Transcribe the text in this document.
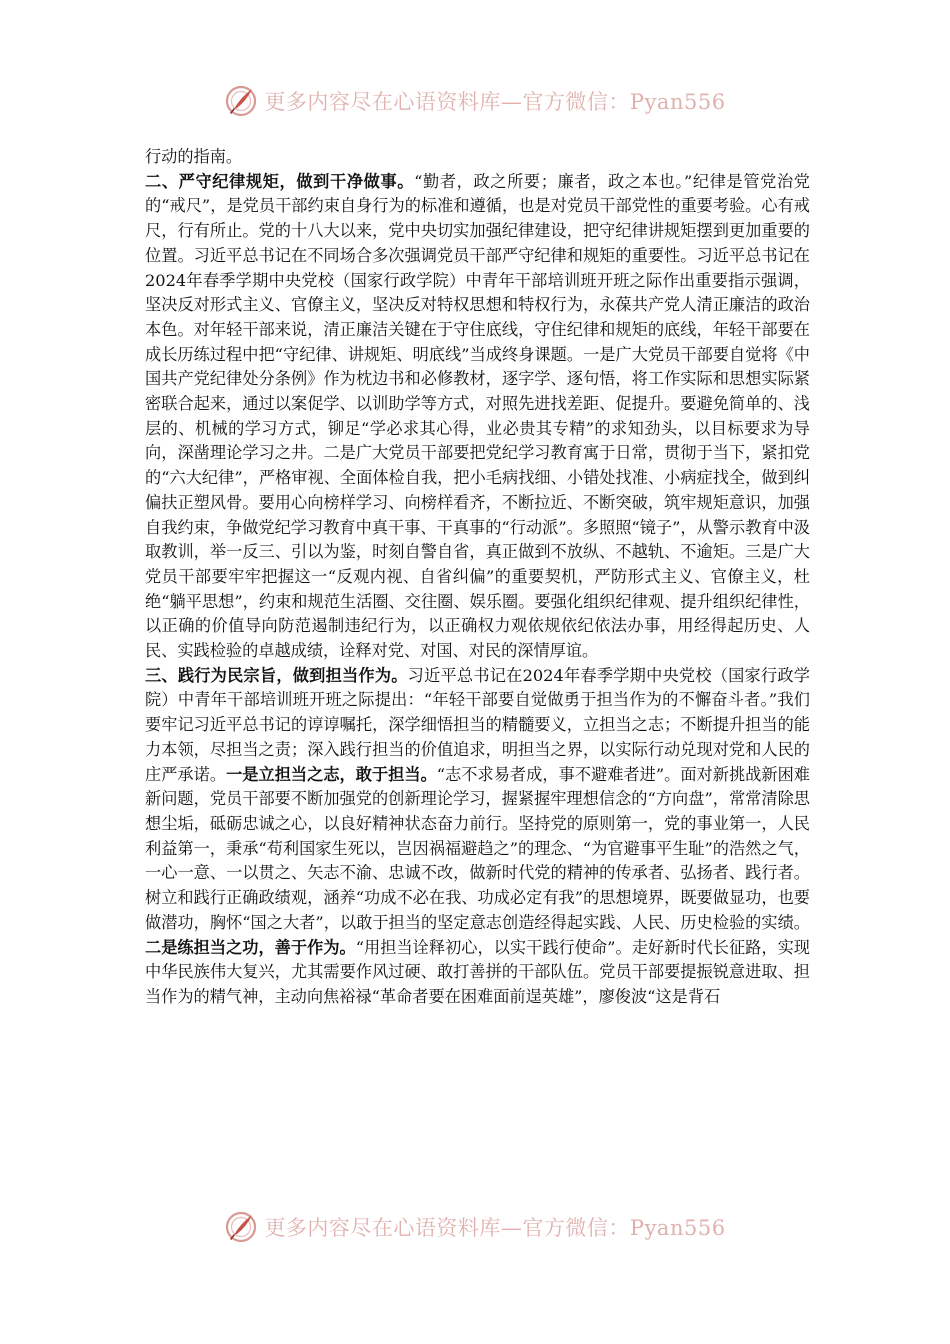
更多内容尽在心语资料库—官方微信：Pyan556

行动的指南。

二、严守纪律规矩，做到干净做事。“勤者，政之所要；廉者，政之本也。”纪律是管党治党的“戒尺”，是党员干部约束自身行为的标准和遵循，也是对党员干部党性的重要考验。心有戒尺，行有所止。党的十八大以来，党中央切实加强纪律建设，把守纪律讲规矩摆到更加重要的位置。习近平总书记在不同场合多次强调党员干部严守纪律和规矩的重要性。习近平总书记在2024年春季学期中央党校（国家行政学院）中青年干部培训班开班之际作出重要指示强调，坚决反对形式主义、官僚主义，坚决反对特权思想和特权行为，永葆共产党人清正廉洁的政治本色。对年轻干部来说，清正廉洁关键在于守住底线，守住纪律和规矩的底线，年轻干部要在成长历练过程中把“守纪律、讲规矩、明底线”当成终身课题。一是广大党员干部要自觉将《中国共产党纪律处分条例》作为枕边书和必修教材，逐字学、逐句悟，将工作实际和思想实际紧密联合起来，通过以案促学、以训助学等方式，对照先进找差距、促提升。要避免简单的、浅层的、机械的学习方式，铆足“学必求其心得，业必贵其专精”的求知劲头，以目标要求为导向，深凿理论学习之井。二是广大党员干部要把党纪学习教育寓于日常，贯彻于当下，紧扣党的“六大纪律”，严格审视、全面体检自我，把小毛病找细、小错处找准、小病症找全，做到纠偏扶正塑风骨。要用心向榜样学习、向榜样看齐，不断拉近、不断突破，筑牢规矩意识，加强自我约束，争做党纪学习教育中真干事、干真事的“行动派”。多照照“镜子”，从警示教育中汲取教训，举一反三、引以为鉴，时刻自警自省，真正做到不放纵、不越轨、不逾矩。三是广大党员干部要牢牢把握这一“反观内视、自省纠偏”的重要契机，严防形式主义、官僚主义，杜绝“躺平思想”，约束和规范生活圈、交往圈、娱乐圈。要强化组织纪律观、提升组织纪律性，以正确的价值导向防范遏制违纪行为，以正确权力观依规依纪依法办事，用经得起历史、人民、实践检验的卓越成绩，诠释对党、对国、对民的深情厚谊。

三、践行为民宗旨，做到担当作为。习近平总书记在2024年春季学期中央党校（国家行政学院）中青年干部培训班开班之际提出：“年轻干部要自觉做勇于担当作为的不懈奋斗者。”我们要牢记习近平总书记的谆谆嘱托，深学细悟担当的精髓要义，立担当之志；不断提升担当的能力本领，尽担当之责；深入践行担当的价值追求，明担当之界，以实际行动兑现对党和人民的庄严承诺。一是立担当之志，敢于担当。“志不求易者成，事不避难者进”。面对新挑战新困难新问题，党员干部要不断加强党的创新理论学习，握紧握牢理想信念的“方向盘”，常常清除思想尘垢，砥砺忠诚之心，以良好精神状态奋力前行。坚持党的原则第一，党的事业第一，人民利益第一，秉承“苟利国家生死以，岂因祸福避趋之”的理念、“为官避事平生耻”的浩然之气，一心一意、一以贯之、矢志不渝、忠诚不改，做新时代党的精神的传承者、弘扬者、践行者。树立和践行正确政绩观，涵养“功成不必在我、功成必定有我”的思想境界，既要做显功，也要做潜功，胸怀“国之大者”，以敢于担当的坚定意志创造经得起实践、人民、历史检验的实绩。二是练担当之功，善于作为。“用担当诠释初心，以实干践行使命”。走好新时代长征路，实现中华民族伟大复兴，尤其需要作风过硬、敢打善拼的干部队伍。党员干部要提振锐意进取、担当作为的精气神，主动向焦裕禄“革命者要在困难面前逞英雄”，廖俊波“这是背石

更多内容尽在心语资料库—官方微信：Pyan556
